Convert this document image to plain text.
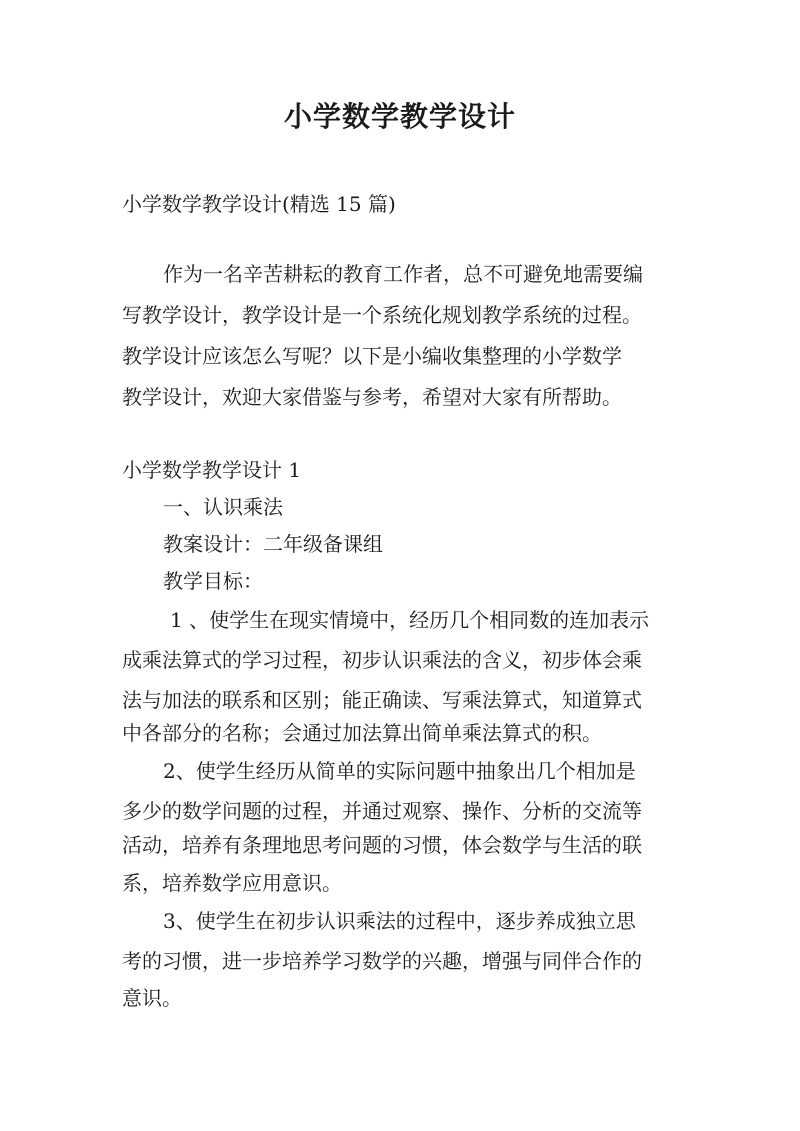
小学数学教学设计
小学数学教学设计(精选 15 篇)
作为一名辛苦耕耘的教育工作者，总不可避免地需要编
写教学设计，教学设计是一个系统化规划教学系统的过程。
教学设计应该怎么写呢？以下是小编收集整理的小学数学
教学设计，欢迎大家借鉴与参考，希望对大家有所帮助。
小学数学教学设计 1
一、认识乘法
教案设计：二年级备课组
教学目标：
1 、使学生在现实情境中，经历几个相同数的连加表示
成乘法算式的学习过程，初步认识乘法的含义，初步体会乘
法与加法的联系和区别；能正确读、写乘法算式，知道算式
中各部分的名称；会通过加法算出简单乘法算式的积。
2、使学生经历从简单的实际问题中抽象出几个相加是
多少的数学问题的过程，并通过观察、操作、分析的交流等
活动，培养有条理地思考问题的习惯，体会数学与生活的联
系，培养数学应用意识。
3、使学生在初步认识乘法的过程中，逐步养成独立思
考的习惯，进一步培养学习数学的兴趣，增强与同伴合作的
意识。
